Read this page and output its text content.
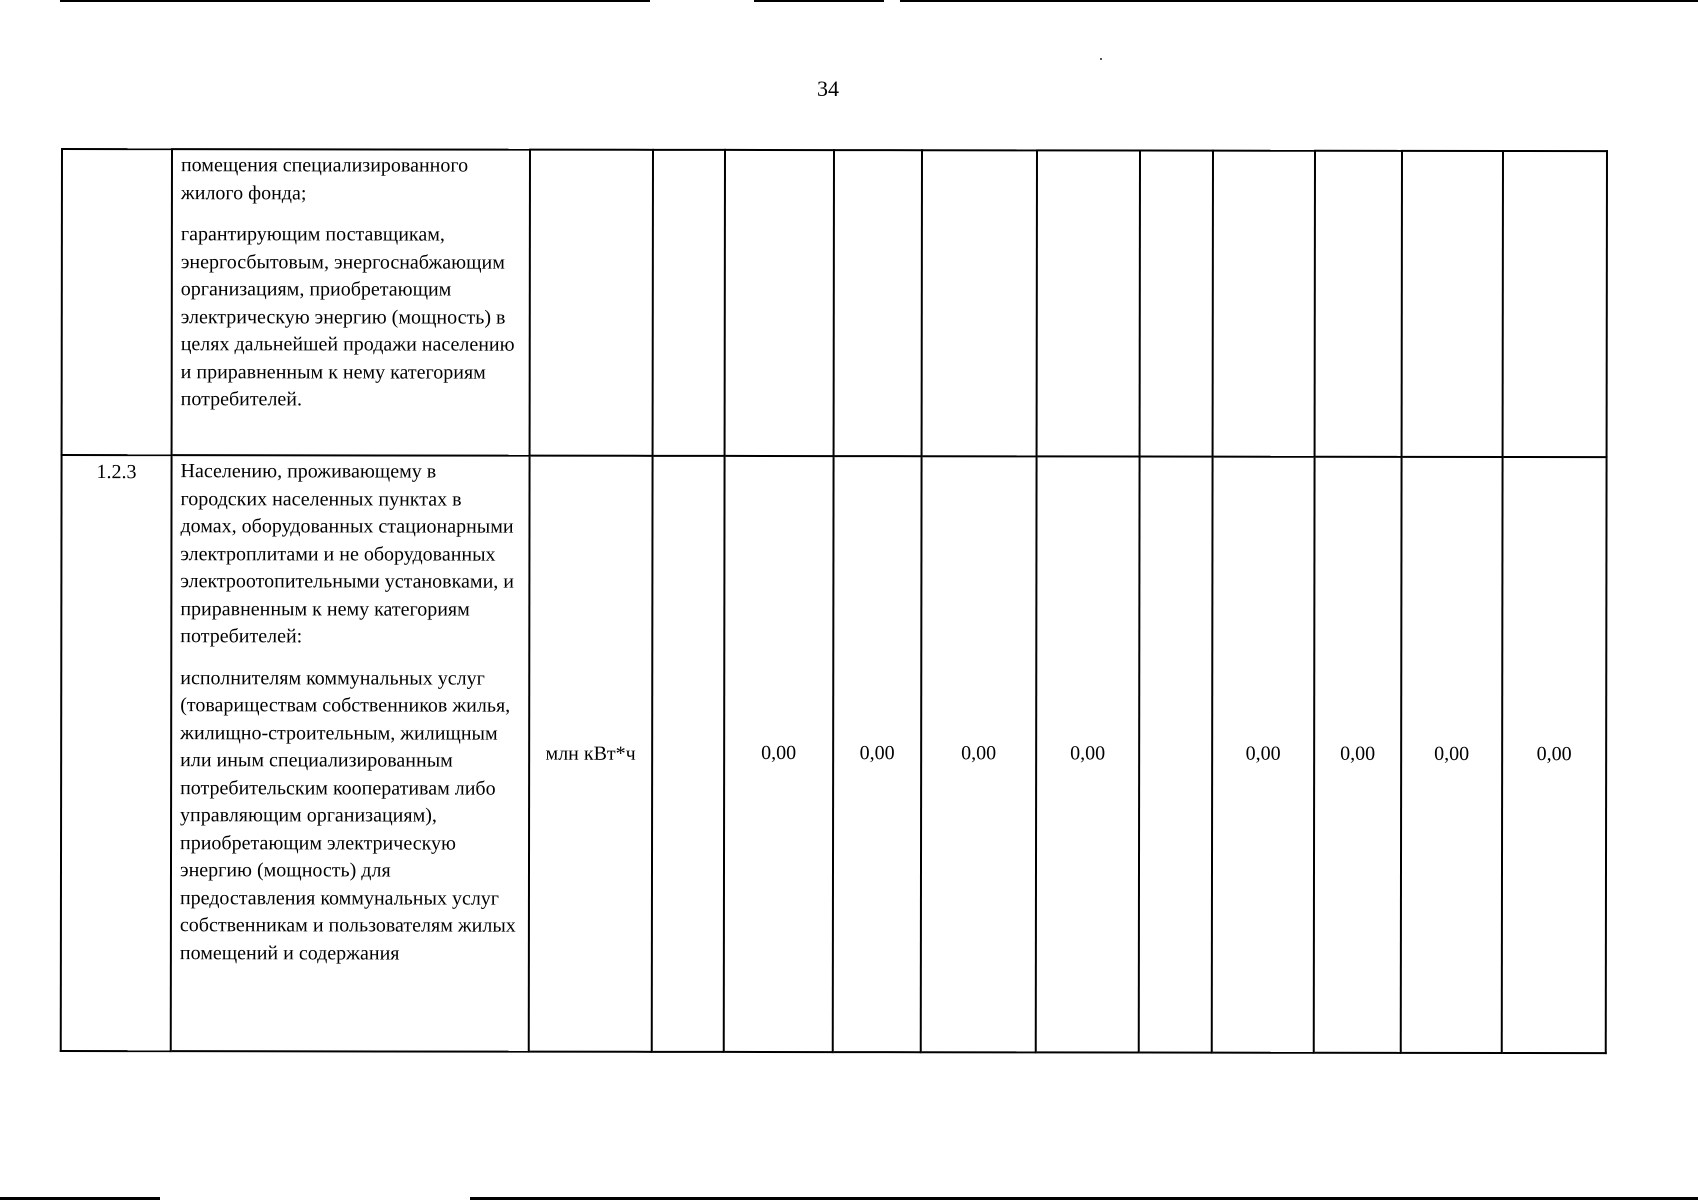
34

	помещения специализированного жилого фонда;

гарантирующим поставщикам, энергосбытовым, энергоснабжающим организациям, приобретающим электрическую энергию (мощность) в целях дальнейшей продажи населению и приравненным к нему категориям потребителей.											

1.2.3	Населению, проживающему в городских населенных пунктах в домах, оборудованных стационарными электроплитами и не оборудованных электроотопительными установками, и приравненным к нему категориям потребителей:

исполнителям коммунальных услуг (товариществам собственников жилья, жилищно-строительным, жилищным или иным специализированным потребительским кооперативам либо управляющим организациям), приобретающим электрическую энергию (мощность) для предоставления коммунальных услуг собственникам и пользователям жилых помещений и содержания	млн кВт*ч		0,00	0,00	0,00	0,00		0,00	0,00	0,00	0,00
